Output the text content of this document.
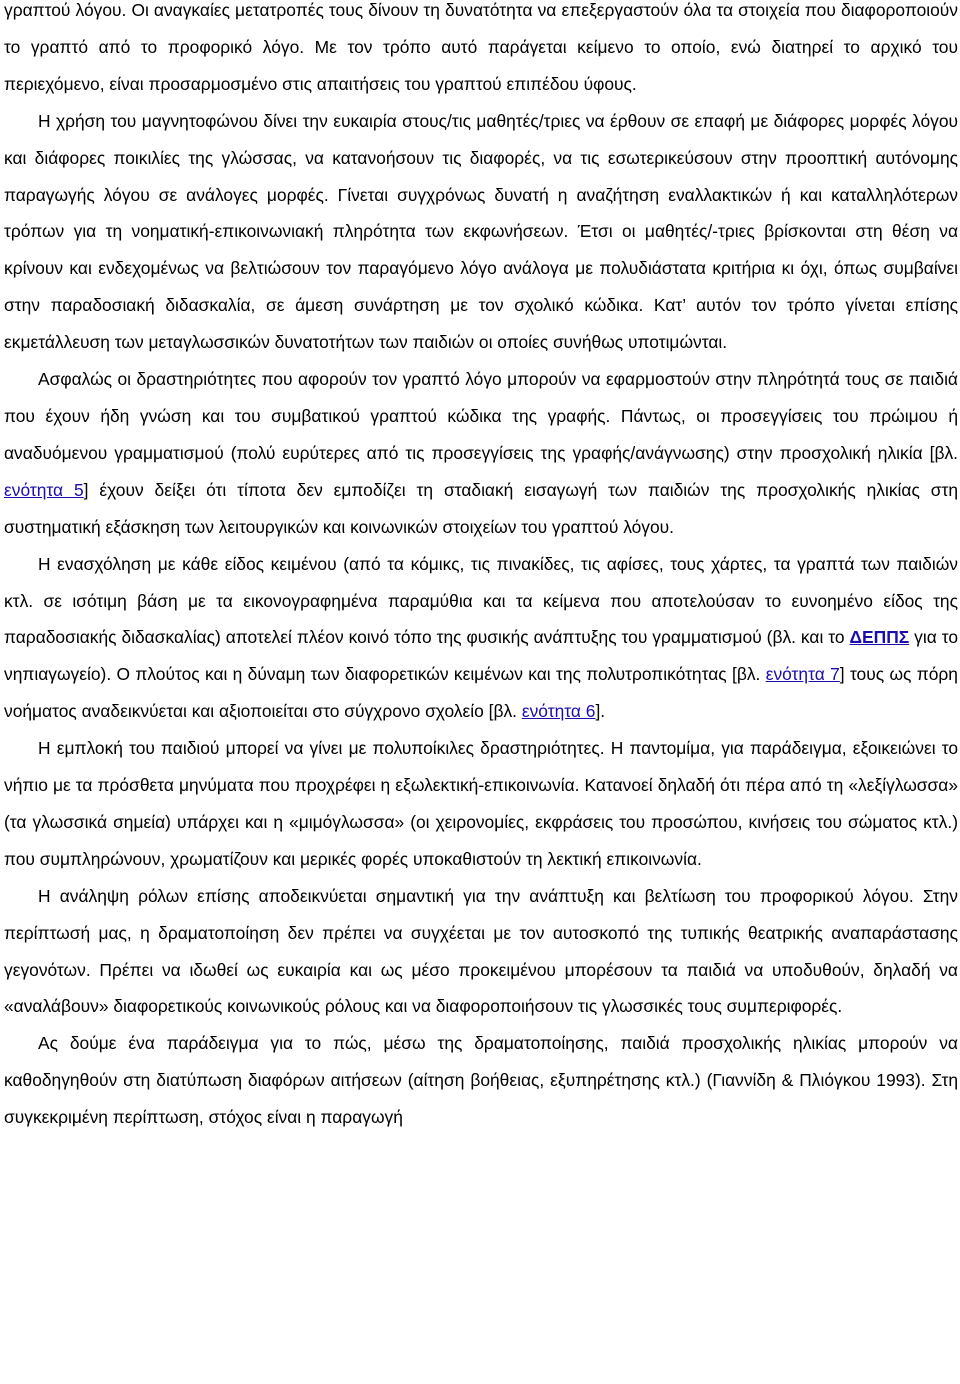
γραπτού λόγου. Οι αναγκαίες μετατροπές τους δίνουν τη δυνατότητα να επεξεργαστούν όλα τα στοιχεία που διαφοροποιούν το γραπτό από το προφορικό λόγο. Με τον τρόπο αυτό παράγεται κείμενο το οποίο, ενώ διατηρεί το αρχικό του περιεχόμενο, είναι προσαρμοσμένο στις απαιτήσεις του γραπτού επιπέδου ύφους.

Η χρήση του μαγνητοφώνου δίνει την ευκαιρία στους/τις μαθητές/τριες να έρθουν σε επαφή με διάφορες μορφές λόγου και διάφορες ποικιλίες της γλώσσας, να κατανοήσουν τις διαφορές, να τις εσωτερικεύσουν στην προοπτική αυτόνομης παραγωγής λόγου σε ανάλογες μορφές. Γίνεται συγχρόνως δυνατή η αναζήτηση εναλλακτικών ή και καταλληλότερων τρόπων για τη νοηματική-επικοινωνιακή πληρότητα των εκφωνήσεων. Έτσι οι μαθητές/-τριες βρίσκονται στη θέση να κρίνουν και ενδεχομένως να βελτιώσουν τον παραγόμενο λόγο ανάλογα με πολυδιάστατα κριτήρια κι όχι, όπως συμβαίνει στην παραδοσιακή διδασκαλία, σε άμεση συνάρτηση με τον σχολικό κώδικα. Κατ’ αυτόν τον τρόπο γίνεται επίσης εκμετάλλευση των μεταγλωσσικών δυνατοτήτων των παιδιών οι οποίες συνήθως υποτιμώνται.

Ασφαλώς οι δραστηριότητες που αφορούν τον γραπτό λόγο μπορούν να εφαρμοστούν στην πληρότητά τους σε παιδιά που έχουν ήδη γνώση και του συμβατικού γραπτού κώδικα της γραφής. Πάντως, οι προσεγγίσεις του πρώιμου ή αναδυόμενου γραμματισμού (πολύ ευρύτερες από τις προσεγγίσεις της γραφής/ανάγνωσης) στην προσχολική ηλικία [βλ. ενότητα 5] έχουν δείξει ότι τίποτα δεν εμποδίζει τη σταδιακή εισαγωγή των παιδιών της προσχολικής ηλικίας στη συστηματική εξάσκηση των λειτουργικών και κοινωνικών στοιχείων του γραπτού λόγου.

Η ενασχόληση με κάθε είδος κειμένου (από τα κόμικς, τις πινακίδες, τις αφίσες, τους χάρτες, τα γραπτά των παιδιών κτλ. σε ισότιμη βάση με τα εικονογραφημένα παραμύθια και τα κείμενα που αποτελούσαν το ευνοημένο είδος της παραδοσιακής διδασκαλίας) αποτελεί πλέον κοινό τόπο της φυσικής ανάπτυξης του γραμματισμού (βλ. και το ΔΕΠΠΣ για το νηπιαγωγείο). Ο πλούτος και η δύναμη των διαφορετικών κειμένων και της πολυτροπικότητας [βλ. ενότητα 7] τους ως πόρη νοήματος αναδεικνύεται και αξιοποιείται στο σύγχρονο σχολείο [βλ. ενότητα 6].

Η εμπλοκή του παιδιού μπορεί να γίνει με πολυποίκιλες δραστηριότητες. Η παντομίμα, για παράδειγμα, εξοικειώνει το νήπιο με τα πρόσθετα μηνύματα που προχρέφει η εξωλεκτική-επικοινωνία. Κατανοεί δηλαδή ότι πέρα από τη «λεξίγλωσσα» (τα γλωσσικά σημεία) υπάρχει και η «μιμόγλωσσα» (οι χειρονομίες, εκφράσεις του προσώπου, κινήσεις του σώματος κτλ.) που συμπληρώνουν, χρωματίζουν και μερικές φορές υποκαθιστούν τη λεκτική επικοινωνία.

Η ανάληψη ρόλων επίσης αποδεικνύεται σημαντική για την ανάπτυξη και βελτίωση του προφορικού λόγου. Στην περίπτωσή μας, η δραματοποίηση δεν πρέπει να συγχέεται με τον αυτοσκοπό της τυπικής θεατρικής αναπαράστασης γεγονότων. Πρέπει να ιδωθεί ως ευκαιρία και ως μέσο προκειμένου μπορέσουν τα παιδιά να υποδυθούν, δηλαδή να «αναλάβουν» διαφορετικούς κοινωνικούς ρόλους και να διαφοροποιήσουν τις γλωσσικές τους συμπεριφορές.

Ας δούμε ένα παράδειγμα για το πώς, μέσω της δραματοποίησης, παιδιά προσχολικής ηλικίας μπορούν να καθοδηγηθούν στη διατύπωση διαφόρων αιτήσεων (αίτηση βοήθειας, εξυπηρέτησης κτλ.) (Γιαννίδη & Πλιόγκου 1993). Στη συγκεκριμένη περίπτωση, στόχος είναι η παραγωγή
